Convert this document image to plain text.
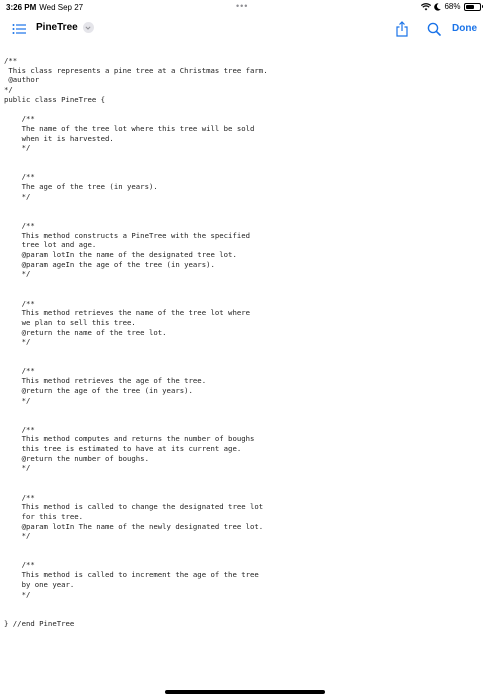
3:26 PM Wed Sep 27	•••	68%
PineTree	Done
/**
This class represents a pine tree at a Christmas tree farm.
@author
*/
public class PineTree {
/**
The name of the tree lot where this tree will be sold
when it is harvested.
*/
/**
The age of the tree (in years).
*/
/**
This method constructs a PineTree with the specified
tree lot and age.
@param lotIn the name of the designated tree lot.
@param ageIn the age of the tree (in years).
*/
/**
This method retrieves the name of the tree lot where
we plan to sell this tree.
@return the name of the tree lot.
*/
/**
This method retrieves the age of the tree.
@return the age of the tree (in years).
*/
/**
This method computes and returns the number of boughs
this tree is estimated to have at its current age.
@return the number of boughs.
*/
/**
This method is called to change the designated tree lot
for this tree.
@param lotIn The name of the newly designated tree lot.
*/
/**
This method is called to increment the age of the tree
by one year.
*/
} //end PineTree
